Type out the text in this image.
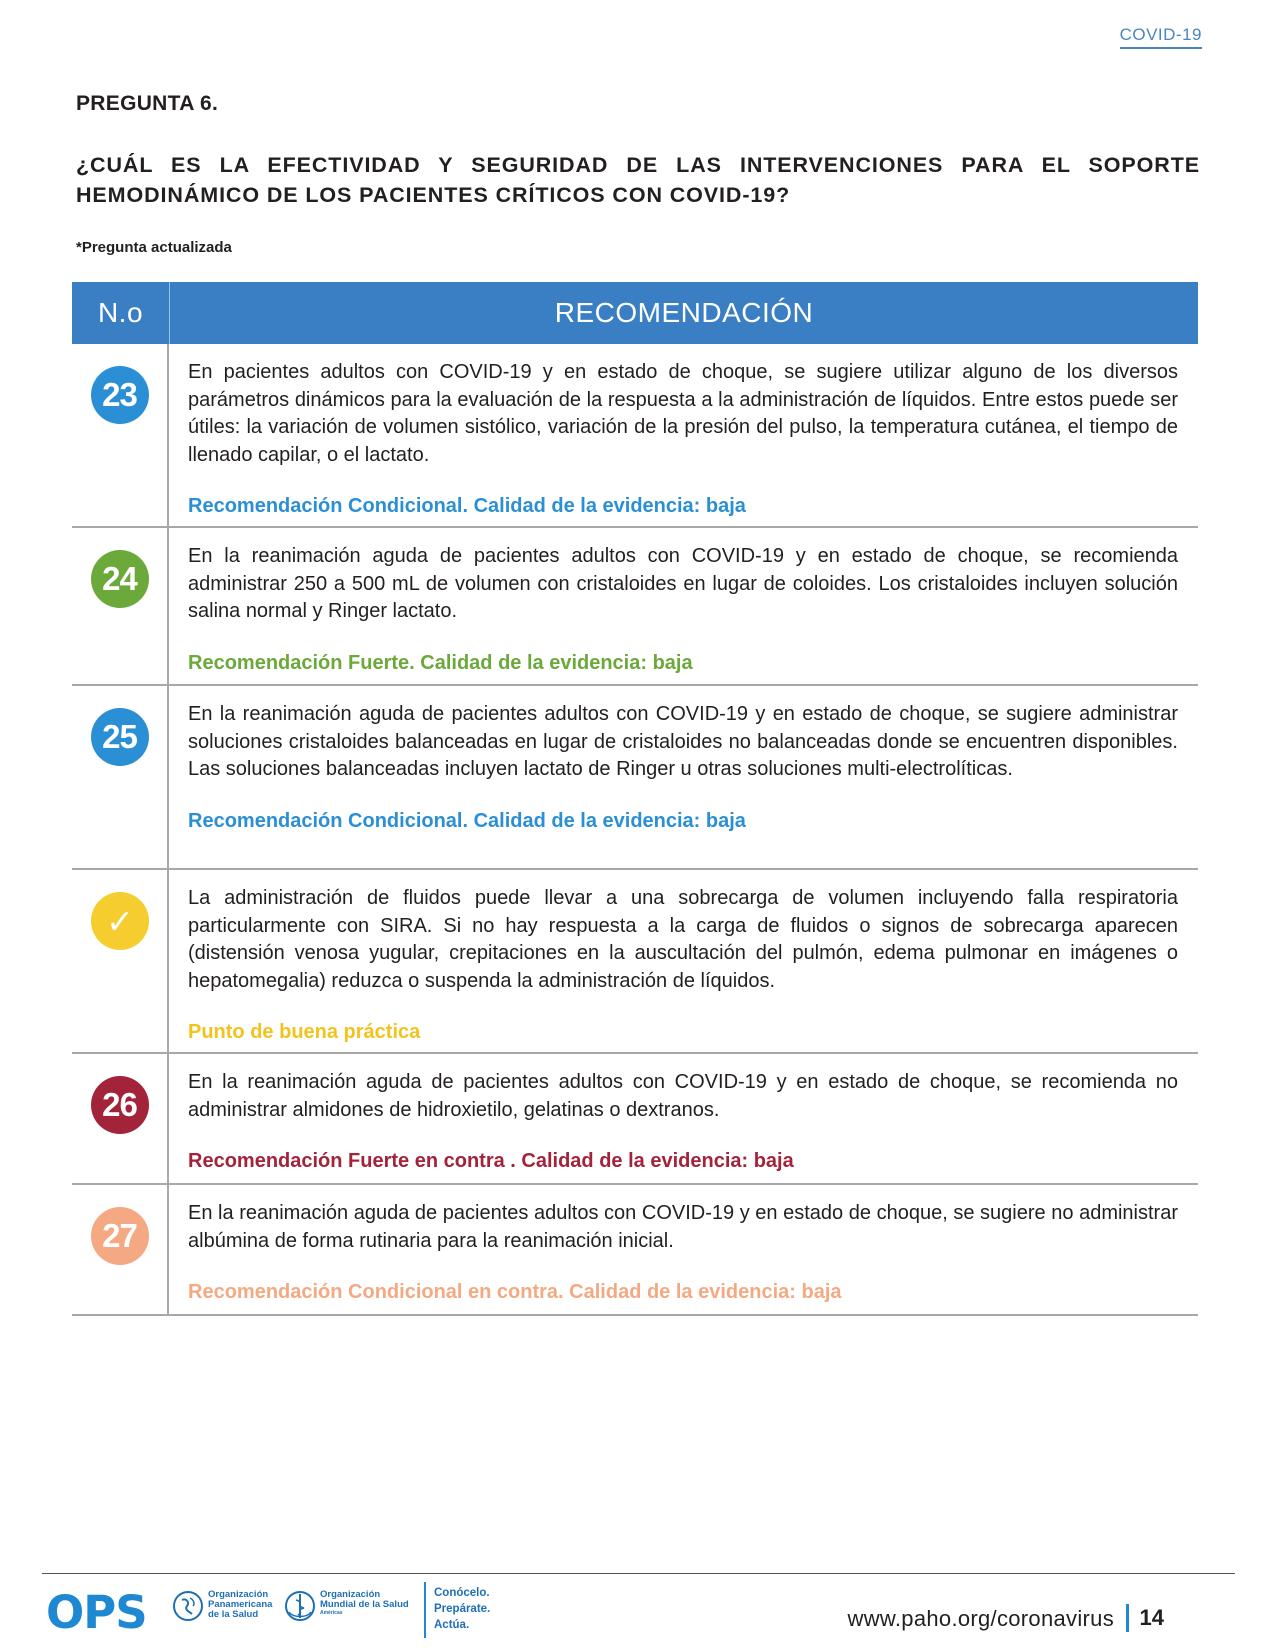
COVID-19
PREGUNTA 6.
¿CUÁL ES LA EFECTIVIDAD Y SEGURIDAD DE LAS INTERVENCIONES PARA EL SOPORTE HEMODINÁMICO DE LOS PACIENTES CRÍTICOS CON COVID-19?
*Pregunta actualizada
N.o	RECOMENDACIÓN
23

En pacientes adultos con COVID-19 y en estado de choque, se sugiere utilizar alguno de los diversos parámetros dinámicos para la evaluación de la respuesta a la administración de líquidos. Entre estos puede ser útiles: la variación de volumen sistólico, variación de la presión del pulso, la temperatura cutánea, el tiempo de llenado capilar, o el lactato.

Recomendación Condicional. Calidad de la evidencia: baja

24

En la reanimación aguda de pacientes adultos con COVID-19 y en estado de choque, se recomienda administrar 250 a 500 mL de volumen con cristaloides en lugar de coloides. Los cristaloides incluyen solución salina normal y Ringer lactato.

Recomendación Fuerte. Calidad de la evidencia: baja

25

En la reanimación aguda de pacientes adultos con COVID-19 y en estado de choque, se sugiere administrar soluciones cristaloides balanceadas en lugar de cristaloides no balanceadas donde se encuentren disponibles. Las soluciones balanceadas incluyen lactato de Ringer u otras soluciones multi-electrolíticas.

Recomendación Condicional. Calidad de la evidencia: baja

✓

La administración de fluidos puede llevar a una sobrecarga de volumen incluyendo falla respiratoria particularmente con SIRA. Si no hay respuesta a la carga de fluidos o signos de sobrecarga aparecen (distensión venosa yugular, crepitaciones en la auscultación del pulmón, edema pulmonar en imágenes o hepatomegalia) reduzca o suspenda la administración de líquidos.

Punto de buena práctica

26

En la reanimación aguda de pacientes adultos con COVID-19 y en estado de choque, se recomienda no administrar almidones de hidroxietilo, gelatinas o dextranos.

Recomendación Fuerte en contra . Calidad de la evidencia: baja

27

En la reanimación aguda de pacientes adultos con COVID-19 y en estado de choque, se sugiere no administrar albúmina de forma rutinaria para la reanimación inicial.

Recomendación Condicional en contra. Calidad de la evidencia: baja

OPS	Organización
Panamericana
de la Salud
Organización
Mundial de la Salud
Américas
Conócelo.
Prepárate.
Actúa.	www.paho.org/coronavirus 14
